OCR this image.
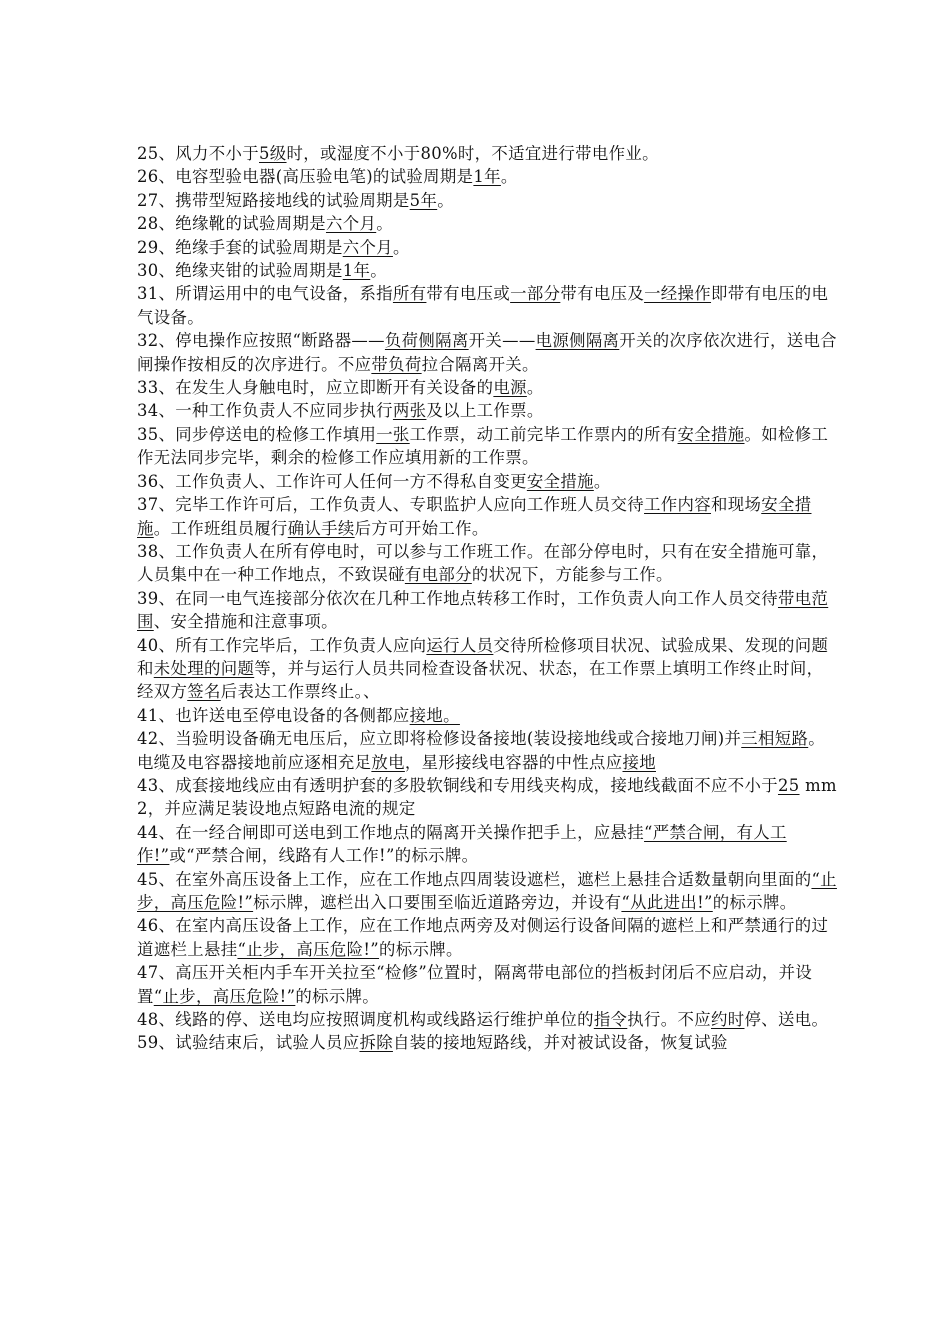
25、风力不小于5级时，或湿度不小于80%时，不适宜进行带电作业。

26、电容型验电器(高压验电笔)的试验周期是1年。

27、携带型短路接地线的试验周期是5年。

28、绝缘靴的试验周期是六个月。

29、绝缘手套的试验周期是六个月。

30、绝缘夹钳的试验周期是1年。

31、所谓运用中的电气设备，系指所有带有电压或一部分带有电压及一经操作即带有电压的电气设备。

32、停电操作应按照“断路器——负荷侧隔离开关——电源侧隔离开关的次序依次进行，送电合闸操作按相反的次序进行。不应带负荷拉合隔离开关。

33、在发生人身触电时，应立即断开有关设备的电源。

34、一种工作负责人不应同步执行两张及以上工作票。

35、同步停送电的检修工作填用一张工作票，动工前完毕工作票内的所有安全措施。如检修工作无法同步完毕，剩余的检修工作应填用新的工作票。

36、工作负责人、工作许可人任何一方不得私自变更安全措施。

37、完毕工作许可后，工作负责人、专职监护人应向工作班人员交待工作内容和现场安全措施。工作班组员履行确认手续后方可开始工作。

38、工作负责人在所有停电时，可以参与工作班工作。在部分停电时，只有在安全措施可靠，人员集中在一种工作地点，不致误碰有电部分的状况下，方能参与工作。

39、在同一电气连接部分依次在几种工作地点转移工作时，工作负责人向工作人员交待带电范围、安全措施和注意事项。

40、所有工作完毕后，工作负责人应向运行人员交待所检修项目状况、试验成果、发现的问题和未处理的问题等，并与运行人员共同检查设备状况、状态，在工作票上填明工作终止时间，经双方签名后表达工作票终止。、

41、也许送电至停电设备的各侧都应接地。

42、当验明设备确无电压后，应立即将检修设备接地(装设接地线或合接地刀闸)并三相短路。电缆及电容器接地前应逐相充足放电，星形接线电容器的中性点应接地

43、成套接地线应由有透明护套的多股软铜线和专用线夹构成，接地线截面不应不小于25 mm2，并应满足装设地点短路电流的规定

44、在一经合闸即可送电到工作地点的隔离开关操作把手上，应悬挂“严禁合闸，有人工作!”或“严禁合闸，线路有人工作!”的标示牌。

45、在室外高压设备上工作，应在工作地点四周装设遮栏，遮栏上悬挂合适数量朝向里面的“止步，高压危险!”标示牌，遮栏出入口要围至临近道路旁边，并设有“从此进出!”的标示牌。

46、在室内高压设备上工作，应在工作地点两旁及对侧运行设备间隔的遮栏上和严禁通行的过道遮栏上悬挂“止步，高压危险!”的标示牌。

47、高压开关柜内手车开关拉至“检修”位置时，隔离带电部位的挡板封闭后不应启动，并设置“止步，高压危险!”的标示牌。

48、线路的停、送电均应按照调度机构或线路运行维护单位的指令执行。不应约时停、送电。

59、试验结束后，试验人员应拆除自装的接地短路线，并对被试设备，恢复试验
